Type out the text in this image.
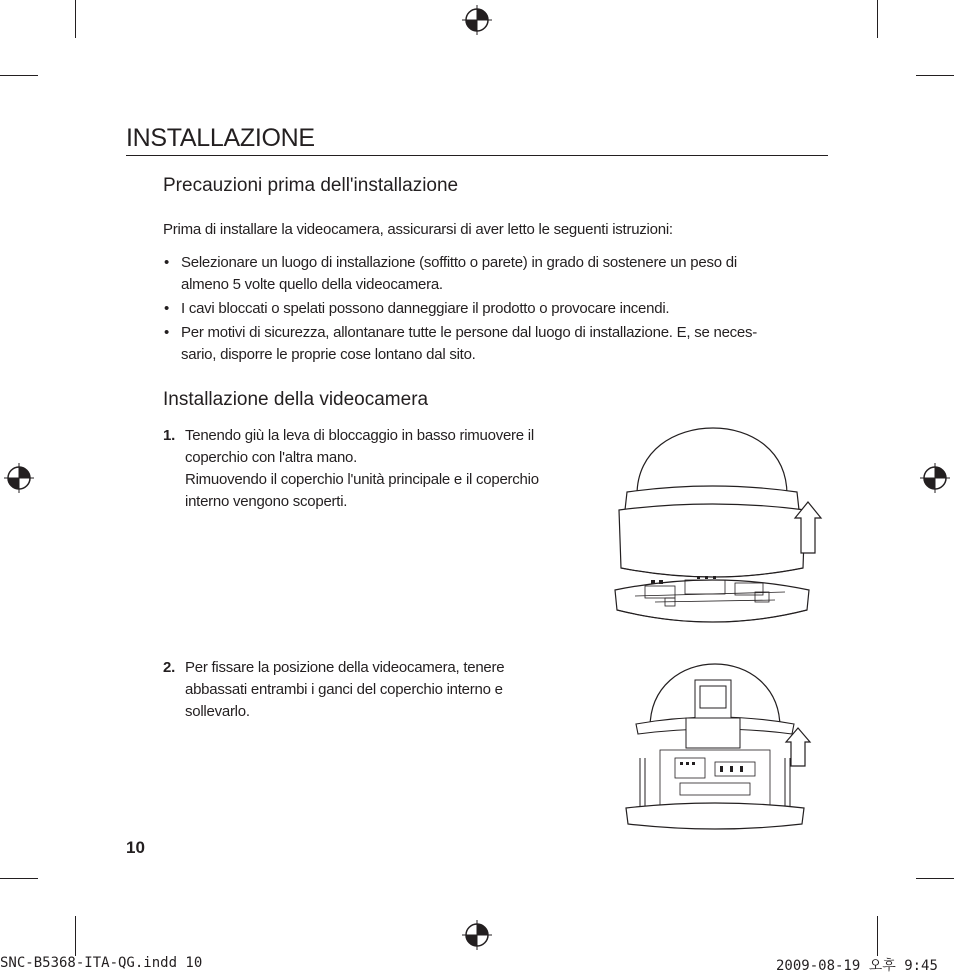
INSTALLAZIONE
Precauzioni prima dell'installazione

Prima di installare la videocamera, assicurarsi di aver letto le seguenti istruzioni:

• Selezionare un luogo di installazione (soffitto o parete) in grado di sostenere un peso di
almeno 5 volte quello della videocamera.
• I cavi bloccati o spelati possono danneggiare il prodotto o provocare incendi.
• Per motivi di sicurezza, allontanare tutte le persone dal luogo di installazione. E, se neces-
sario, disporre le proprie cose lontano dal sito.
Installazione della videocamera
1. Tenendo giù la leva di bloccaggio in basso rimuovere il
coperchio con l'altra mano.
Rimuovendo il coperchio l'unità principale e il coperchio
interno vengono scoperti.
2. Per fissare la posizione della videocamera, tenere
abbassati entrambi i ganci del coperchio interno e
sollevarlo.
10
SNC-B5368-ITA-QG.indd 10	2009-08-19 오후 9:45
